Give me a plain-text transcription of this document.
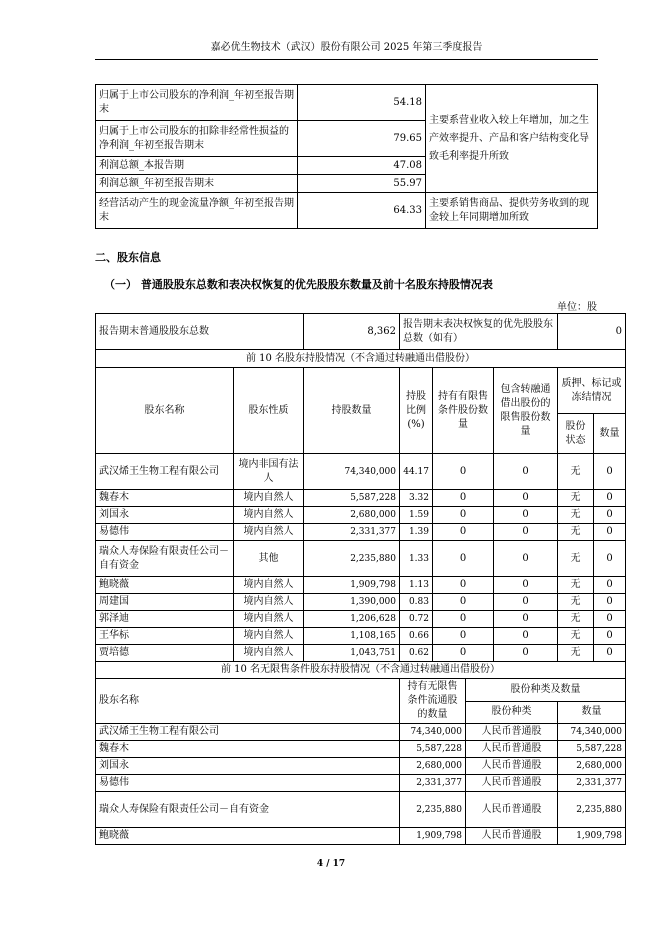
嘉必优生物技术（武汉）股份有限公司 2025 年第三季度报告
归属于上市公司股东的净利润_年初至报告期末	54.18	主要系营业收入较上年增加，加之生产效率提升、产品和客户结构变化导致毛利率提升所致
归属于上市公司股东的扣除非经常性损益的净利润_年初至报告期末	79.65	
利润总额_本报告期	47.08	
利润总额_年初至报告期末	55.97	
经营活动产生的现金流量净额_年初至报告期末	64.33	主要系销售商品、提供劳务收到的现金较上年同期增加所致
二、股东信息
（一） 普通股股东总数和表决权恢复的优先股股东数量及前十名股东持股情况表
单位：股
报告期末普通股股东总数		8,362	报告期末表决权恢复的优先股股东总数（如有）				0	
前 10 名股东持股情况（不含通过转融通出借股份）								
股东名称	股东性质	持股数量	持股比例(%)	持有有限售条件股份数量		包含转融通借出股份的限售股份数量	质押、标记或冻结情况	
							股份状态	数量
武汉烯王生物工程有限公司	境内非国有法人	74,340,000	44.17	0		0	无	0
魏春木	境内自然人	5,587,228	3.32	0		0	无	0
刘国永	境内自然人	2,680,000	1.59	0		0	无	0
易德伟	境内自然人	2,331,377	1.39	0		0	无	0
瑞众人寿保险有限责任公司－自有资金	其他	2,235,880	1.33	0		0	无	0
鲍晓薇	境内自然人	1,909,798	1.13	0		0	无	0
周建国	境内自然人	1,390,000	0.83	0		0	无	0
郭泽迪	境内自然人	1,206,628	0.72	0		0	无	0
王华标	境内自然人	1,108,165	0.66	0		0	无	0
贾培德	境内自然人	1,043,751	0.62	0		0	无	0
前 10 名无限售条件股东持股情况（不含通过转融通出借股份）								
股东名称			持有无限售条件流通股的数量		股份种类及数量			
					股份种类		数量	
武汉烯王生物工程有限公司			74,340,000		人民币普通股		74,340,000	
魏春木			5,587,228		人民币普通股		5,587,228	
刘国永			2,680,000		人民币普通股		2,680,000	
易德伟			2,331,377		人民币普通股		2,331,377	
瑞众人寿保险有限责任公司－自有资金			2,235,880		人民币普通股		2,235,880	
鲍晓薇			1,909,798		人民币普通股		1,909,798	
4 / 17
